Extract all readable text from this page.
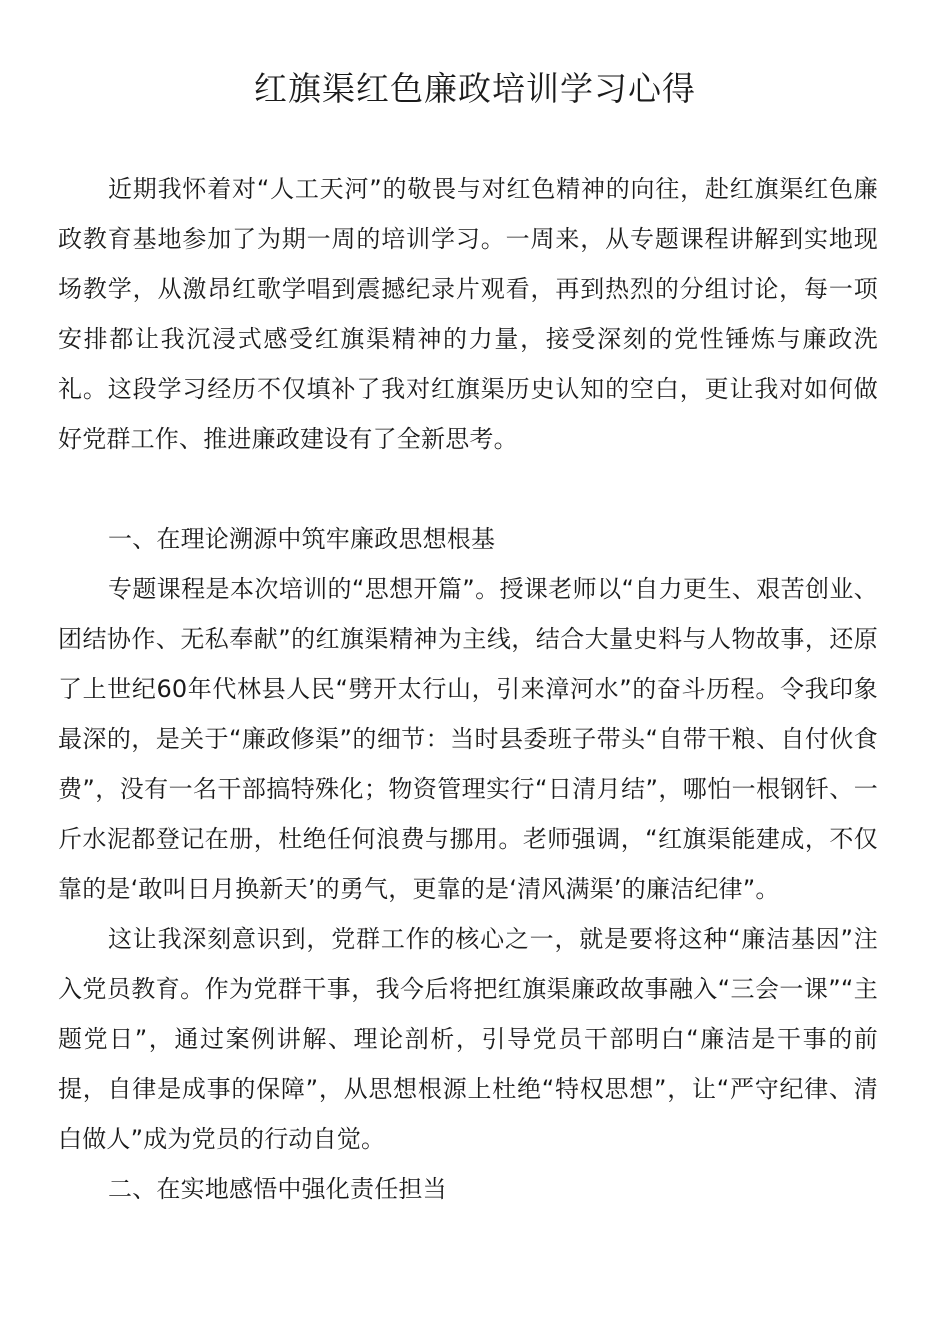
红旗渠红色廉政培训学习心得

近期我怀着对“人工天河”的敬畏与对红色精神的向往，赴红旗渠红色廉政教育基地参加了为期一周的培训学习。一周来，从专题课程讲解到实地现场教学，从激昂红歌学唱到震撼纪录片观看，再到热烈的分组讨论，每一项安排都让我沉浸式感受红旗渠精神的力量，接受深刻的党性锤炼与廉政洗礼。这段学习经历不仅填补了我对红旗渠历史认知的空白，更让我对如何做好党群工作、推进廉政建设有了全新思考。

一、在理论溯源中筑牢廉政思想根基

专题课程是本次培训的“思想开篇”。授课老师以“自力更生、艰苦创业、团结协作、无私奉献”的红旗渠精神为主线，结合大量史料与人物故事，还原了上世纪60年代林县人民“劈开太行山，引来漳河水”的奋斗历程。令我印象最深的，是关于“廉政修渠”的细节：当时县委班子带头“自带干粮、自付伙食费”，没有一名干部搞特殊化；物资管理实行“日清月结”，哪怕一根钢钎、一斤水泥都登记在册，杜绝任何浪费与挪用。老师强调，“红旗渠能建成，不仅靠的是‘敢叫日月换新天’的勇气，更靠的是‘清风满渠’的廉洁纪律”。

这让我深刻意识到，党群工作的核心之一，就是要将这种“廉洁基因”注入党员教育。作为党群干事，我今后将把红旗渠廉政故事融入“三会一课”“主题党日”，通过案例讲解、理论剖析，引导党员干部明白“廉洁是干事的前提，自律是成事的保障”，从思想根源上杜绝“特权思想”，让“严守纪律、清白做人”成为党员的行动自觉。

二、在实地感悟中强化责任担当
